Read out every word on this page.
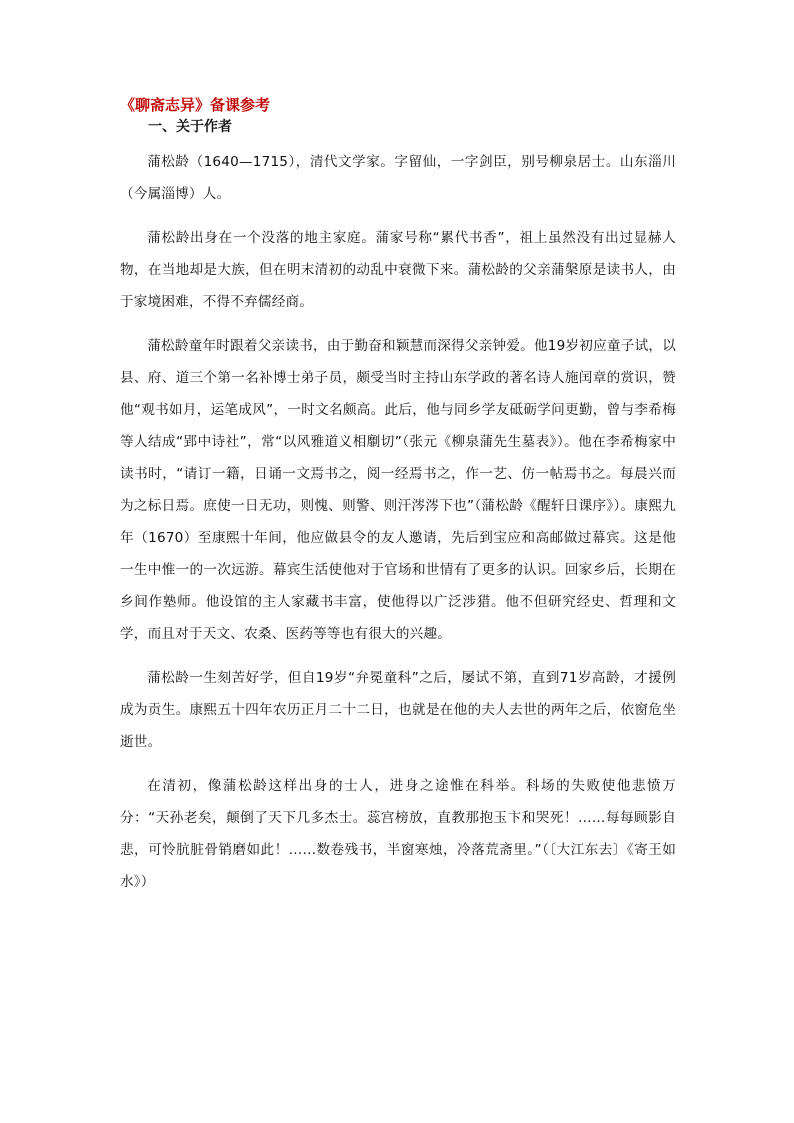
《聊斋志异》备课参考
一、关于作者

蒲松龄（1640—1715），清代文学家。字留仙，一字剑臣，别号柳泉居士。山东淄川（今属淄博）人。

蒲松龄出身在一个没落的地主家庭。蒲家号称“累代书香”，祖上虽然没有出过显赫人物，在当地却是大族，但在明末清初的动乱中衰微下来。蒲松龄的父亲蒲槃原是读书人，由于家境困难，不得不弃儒经商。

蒲松龄童年时跟着父亲读书，由于勤奋和颖慧而深得父亲钟爱。他19岁初应童子试，以县、府、道三个第一名补博士弟子员，颇受当时主持山东学政的著名诗人施闰章的赏识，赞他“观书如月，运笔成风”，一时文名颇高。此后，他与同乡学友砥砺学问更勤，曾与李希梅等人结成“郢中诗社”，常“以风雅道义相劘切”（张元《柳泉蒲先生墓表》）。他在李希梅家中读书时，“请订一籍，日诵一文焉书之，阅一经焉书之，作一艺、仿一帖焉书之。每晨兴而为之标日焉。庶使一日无功，则愧、则警、则汗涔涔下也”（蒲松龄《醒轩日课序》）。康熙九年（1670）至康熙十年间，他应做县令的友人邀请，先后到宝应和高邮做过幕宾。这是他一生中惟一的一次远游。幕宾生活使他对于官场和世情有了更多的认识。回家乡后，长期在乡间作塾师。他设馆的主人家藏书丰富，使他得以广泛涉猎。他不但研究经史、哲理和文学，而且对于天文、农桑、医药等等也有很大的兴趣。

蒲松龄一生刻苦好学，但自19岁“弁冕童科”之后，屡试不第，直到71岁高龄，才援例成为贡生。康熙五十四年农历正月二十二日，也就是在他的夫人去世的两年之后，依窗危坐逝世。

在清初，像蒲松龄这样出身的士人，进身之途惟在科举。科场的失败使他悲愤万分：“天孙老矣，颠倒了天下几多杰士。蕊宫榜放，直教那抱玉卞和哭死！……每每顾影自悲，可怜肮脏骨销磨如此！……数卷残书，半窗寒烛，冷落荒斋里。”（〔大江东去〕《寄王如水》）
